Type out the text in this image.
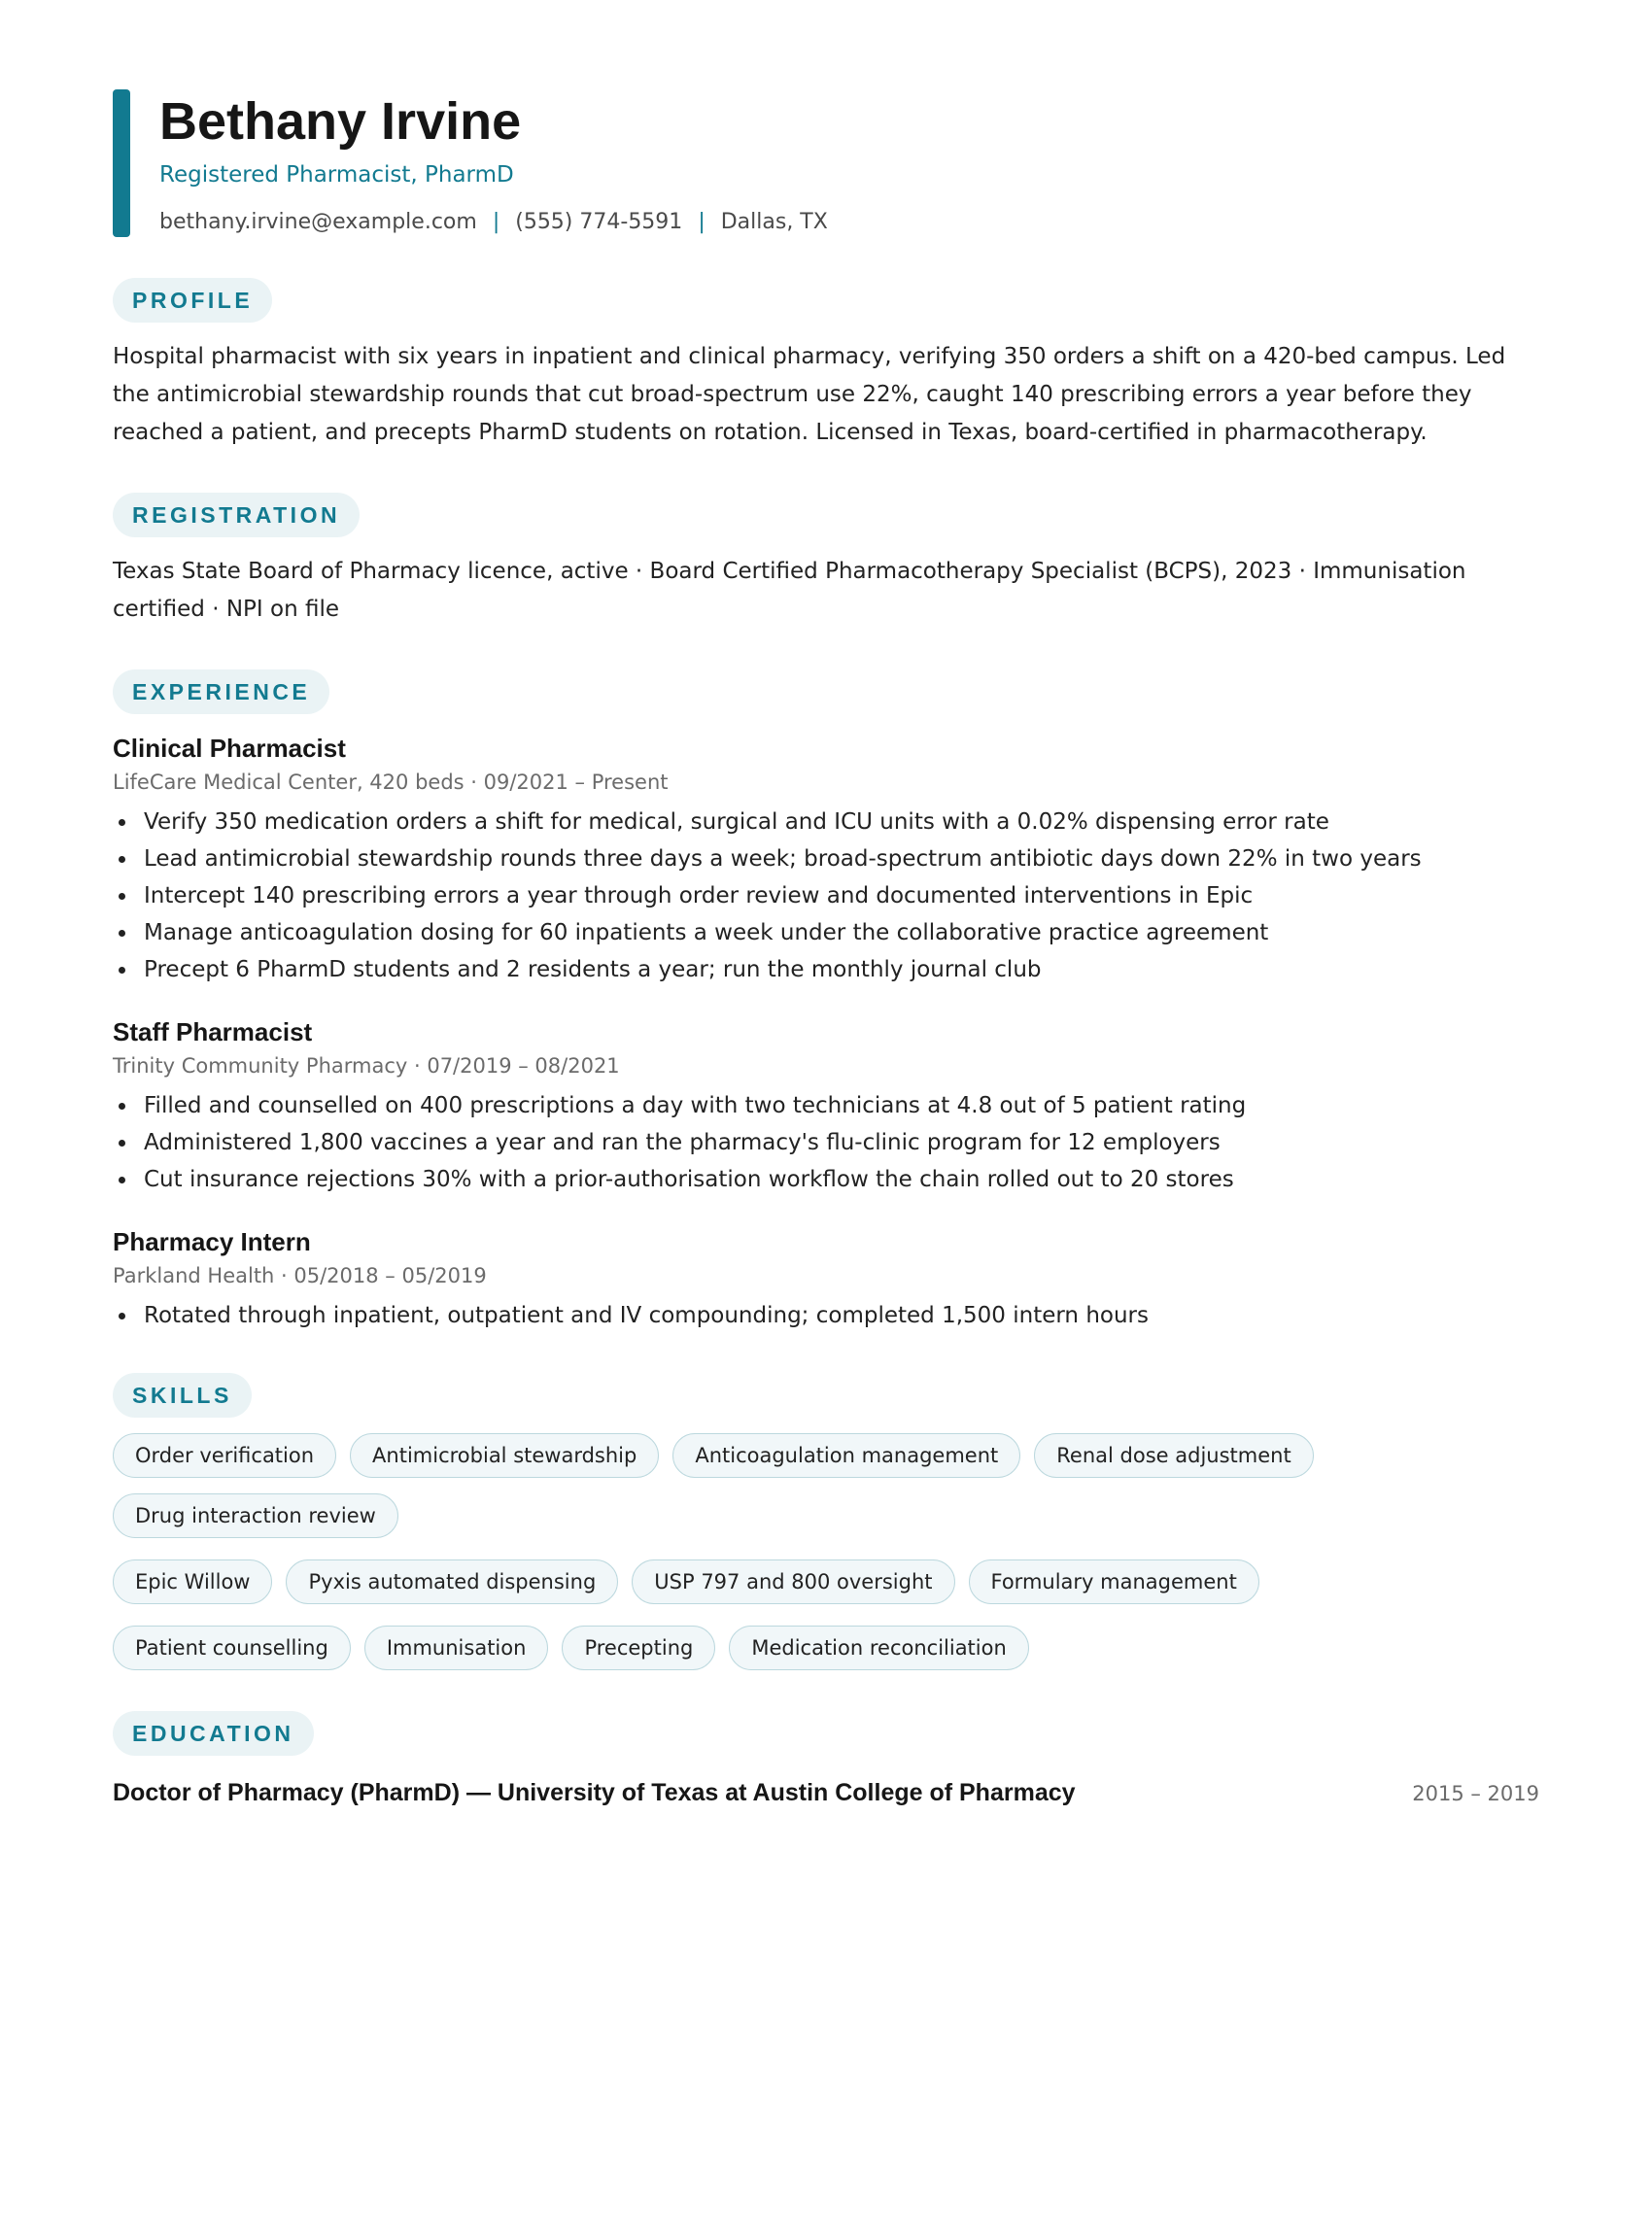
Bethany Irvine
Registered Pharmacist, PharmD
bethany.irvine@example.com | (555) 774-5591 | Dallas, TX
PROFILE
Hospital pharmacist with six years in inpatient and clinical pharmacy, verifying 350 orders a shift on a 420-bed campus. Led the antimicrobial stewardship rounds that cut broad-spectrum use 22%, caught 140 prescribing errors a year before they reached a patient, and precepts PharmD students on rotation. Licensed in Texas, board-certified in pharmacotherapy.
REGISTRATION
Texas State Board of Pharmacy licence, active · Board Certified Pharmacotherapy Specialist (BCPS), 2023 · Immunisation certified · NPI on file
EXPERIENCE
Clinical Pharmacist
LifeCare Medical Center, 420 beds · 09/2021 – Present
Verify 350 medication orders a shift for medical, surgical and ICU units with a 0.02% dispensing error rate
Lead antimicrobial stewardship rounds three days a week; broad-spectrum antibiotic days down 22% in two years
Intercept 140 prescribing errors a year through order review and documented interventions in Epic
Manage anticoagulation dosing for 60 inpatients a week under the collaborative practice agreement
Precept 6 PharmD students and 2 residents a year; run the monthly journal club
Staff Pharmacist
Trinity Community Pharmacy · 07/2019 – 08/2021
Filled and counselled on 400 prescriptions a day with two technicians at 4.8 out of 5 patient rating
Administered 1,800 vaccines a year and ran the pharmacy's flu-clinic program for 12 employers
Cut insurance rejections 30% with a prior-authorisation workflow the chain rolled out to 20 stores
Pharmacy Intern
Parkland Health · 05/2018 – 05/2019
Rotated through inpatient, outpatient and IV compounding; completed 1,500 intern hours
SKILLS
Order verification	Antimicrobial stewardship	Anticoagulation management	Renal dose adjustment
Drug interaction review
Epic Willow	Pyxis automated dispensing	USP 797 and 800 oversight	Formulary management
Patient counselling	Immunisation	Precepting	Medication reconciliation
EDUCATION
Doctor of Pharmacy (PharmD) — University of Texas at Austin College of Pharmacy	2015 – 2019
